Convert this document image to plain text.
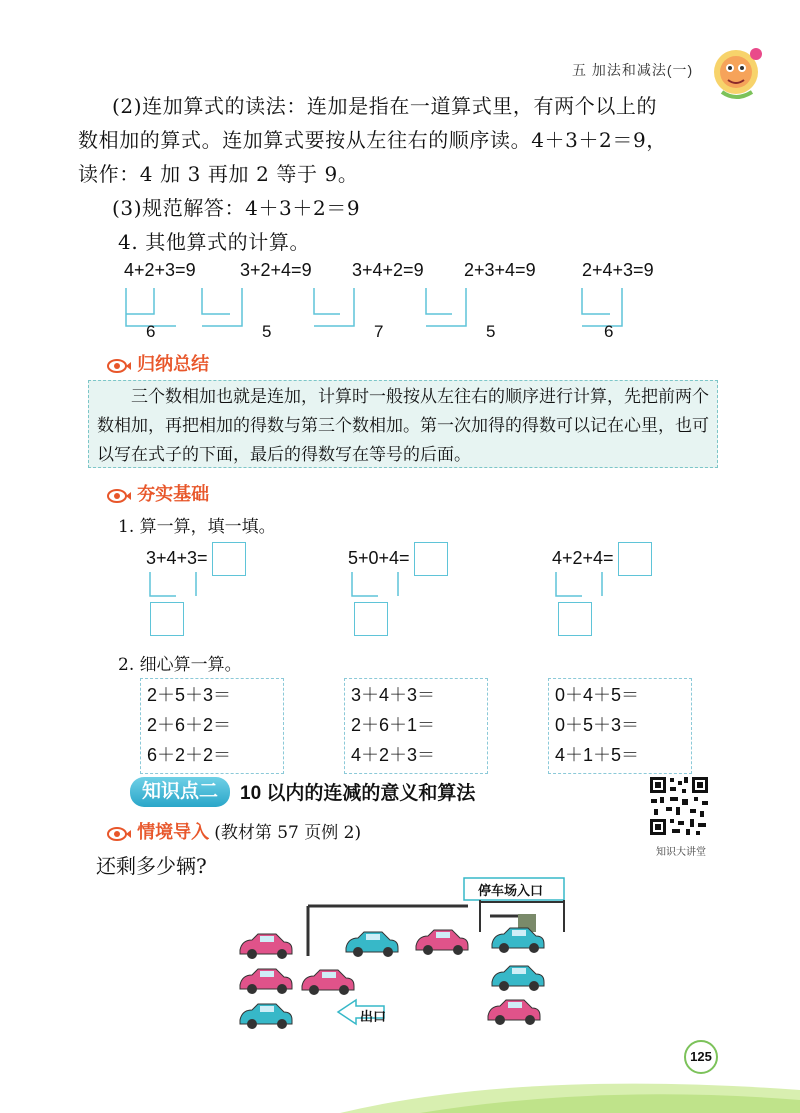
五 加法和减法(一)
(2)连加算式的读法：连加是指在一道算式里，有两个以上的
数相加的算式。连加算式要按从左往右的顺序读。4＋3＋2＝9，
读作：4 加 3 再加 2 等于 9。
(3)规范解答：4＋3＋2＝9
4. 其他算式的计算。
4+2+3=9 3+2+4=9 3+4+2=9 2+3+4=9	2+4+3=9
6	5	7	5	6
归纳总结
三个数相加也就是连加，计算时一般按从左往右的顺序进行计算，先把前两个数相加，再把相加的得数与第三个数相加。第一次加得的得数可以记在心里，也可以写在式子的下面，最后的得数写在等号的后面。
夯实基础
1. 算一算，填一填。
3+4+3=	5+0+4=	4+2+4=
2. 细心算一算。
2＋5＋3＝
2＋6＋2＝
6＋2＋2＝
3＋4＋3＝
2＋6＋1＝
4＋2＋3＝
0＋4＋5＝
0＋5＋3＝
4＋1＋5＝
知识点二	10 以内的连减的意义和算法
情境导入 (教材第 57 页例 2)
还剩多少辆?
知识大讲堂
停车场入口
出口
125
